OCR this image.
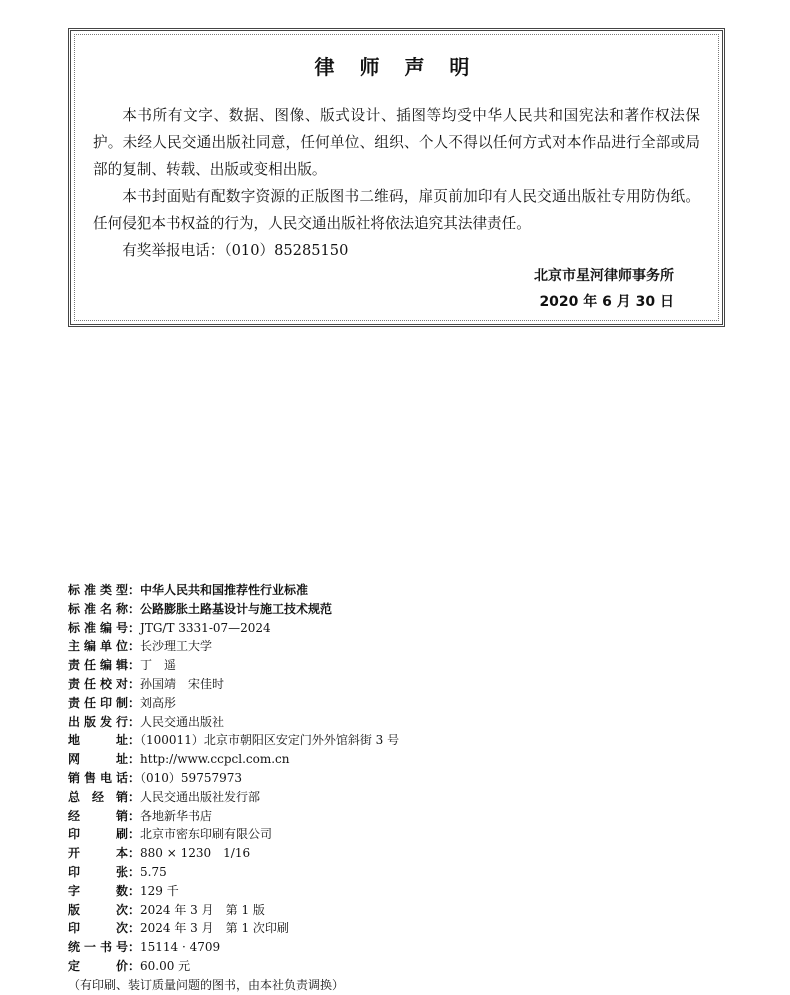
律 师 声 明

本书所有文字、数据、图像、版式设计、插图等均受中华人民共和国宪法和著作权法保护。未经人民交通出版社同意，任何单位、组织、个人不得以任何方式对本作品进行全部或局部的复制、转载、出版或变相出版。

本书封面贴有配数字资源的正版图书二维码，扉页前加印有人民交通出版社专用防伪纸。任何侵犯本书权益的行为，人民交通出版社将依法追究其法律责任。

有奖举报电话：（010）85285150

北京市星河律师事务所
2020 年 6 月 30 日
标准类型：中华人民共和国推荐性行业标准
标准名称：公路膨胀土路基设计与施工技术规范
标准编号：JTG/T 3331-07—2024
主编单位：长沙理工大学
责任编辑：丁　遥
责任校对：孙国靖　宋佳时
责任印制：刘高彤
出版发行：人民交通出版社
地址：（100011）北京市朝阳区安定门外外馆斜街 3 号
网址：http://www.ccpcl.com.cn
销售电话：（010）59757973
总经销：人民交通出版社发行部
经销：各地新华书店
印刷：北京市密东印刷有限公司
开本：880 × 1230　1/16
印张：5.75
字数：129 千
版次：2024 年 3 月　第 1 版
印次：2024 年 3 月　第 1 次印刷
统一书号：15114 · 4709
定价：60.00 元
（有印刷、装订质量问题的图书，由本社负责调换）
